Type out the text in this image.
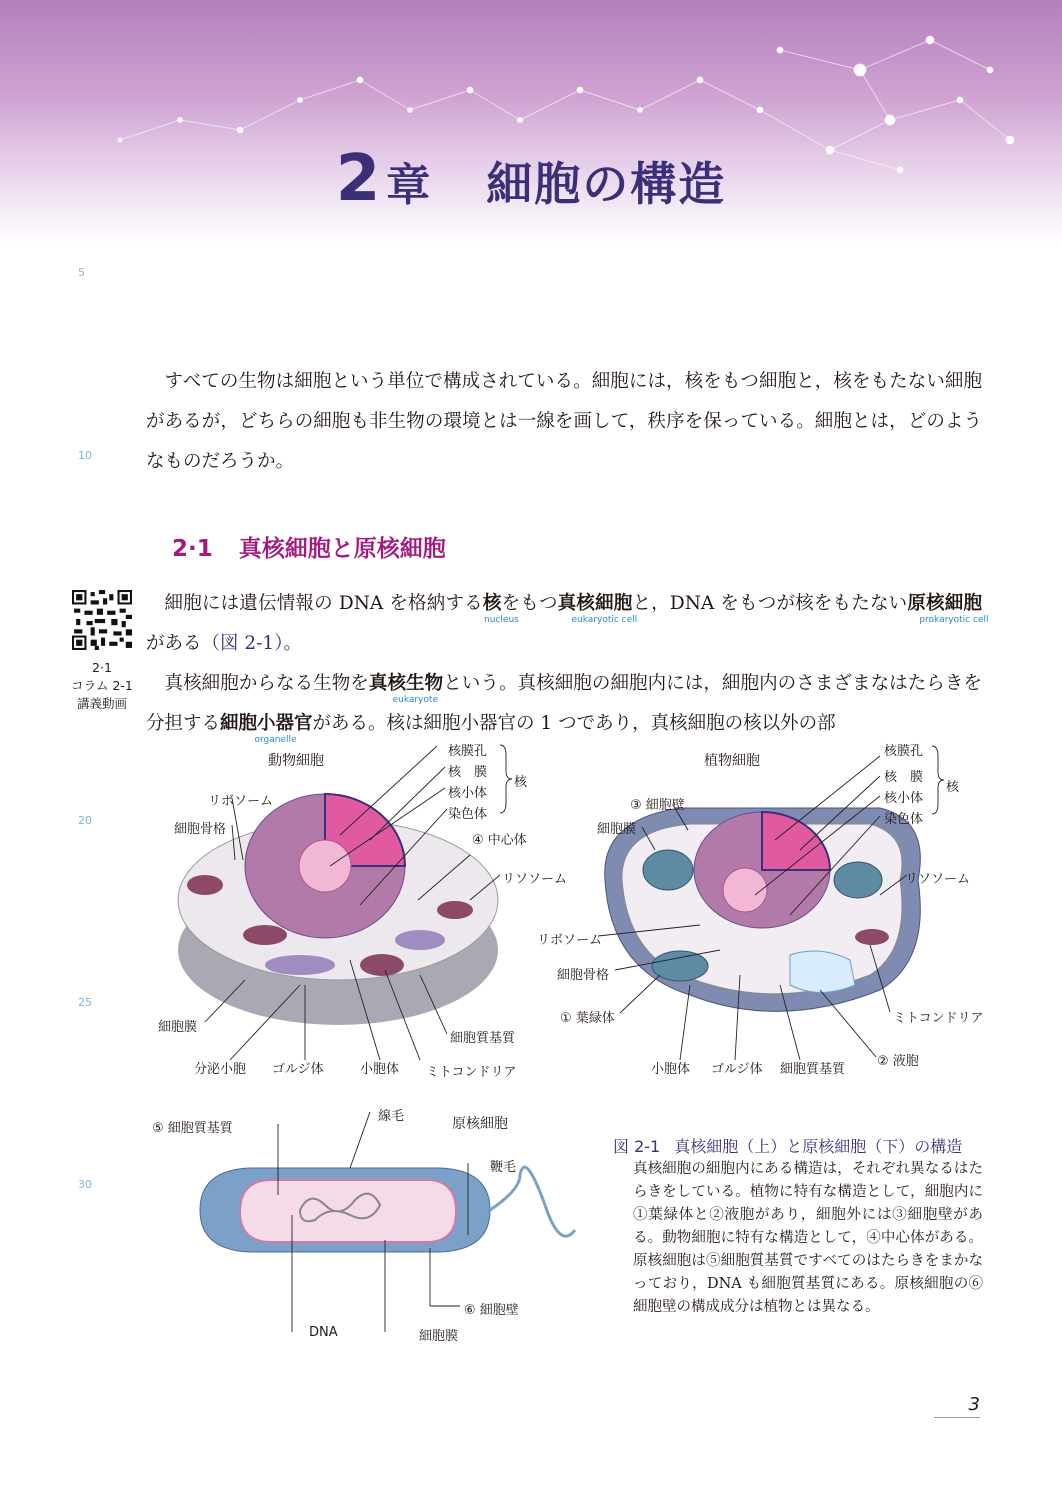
2 章 細胞の構造
5
10
20
25
30

すべての生物は細胞という単位で構成されている。細胞には，核をもつ細胞と，核をもたない細胞があるが，どちらの細胞も非生物の環境とは一線を画して，秩序を保っている。細胞とは，どのようなものだろうか。

2·1 真核細胞と原核細胞
2·1
コラム 2-1
講義動画

細胞には遺伝情報の DNA を格納する核
nucleus
をもつ真核細胞
eukaryotic cell
と，DNA をもつが核をもたない原核細胞
prokaryotic cell
がある（図 2-1）。

真核細胞からなる生物を真核生物
eukaryote
という。真核細胞の細胞内には，細胞内のさまざまなはたらきを分担する細胞小器官
organelle
がある。核は細胞小器官の 1 つであり，真核細胞の核以外の部

動物細胞
核膜孔
核　膜
核小体
染色体
核
リボソーム
細胞骨格
④ 中心体
リソソーム
細胞膜
細胞質基質
分泌小胞 ゴルジ体	小胞体 ミトコンドリア
植物細胞
核膜孔
核　膜
核小体
染色体
核
③ 細胞壁
細胞膜
リソソーム
リボソーム
細胞骨格
① 葉緑体	ミトコンドリア
小胞体 ゴルジ体 細胞質基質
② 液胞
⑤ 細胞質基質
線毛	原核細胞
鞭毛
⑥ 細胞壁
DNA	細胞膜
図 2-1 真核細胞（上）と原核細胞（下）の構造
真核細胞の細胞内にある構造は，それぞれ異なるはたらきをしている。植物に特有な構造として，細胞内に①葉緑体と②液胞があり，細胞外には③細胞壁がある。動物細胞に特有な構造として，④中心体がある。原核細胞は⑤細胞質基質ですべてのはたらきをまかなっており，DNA も細胞質基質にある。原核細胞の⑥細胞壁の構成成分は植物とは異なる。
3
